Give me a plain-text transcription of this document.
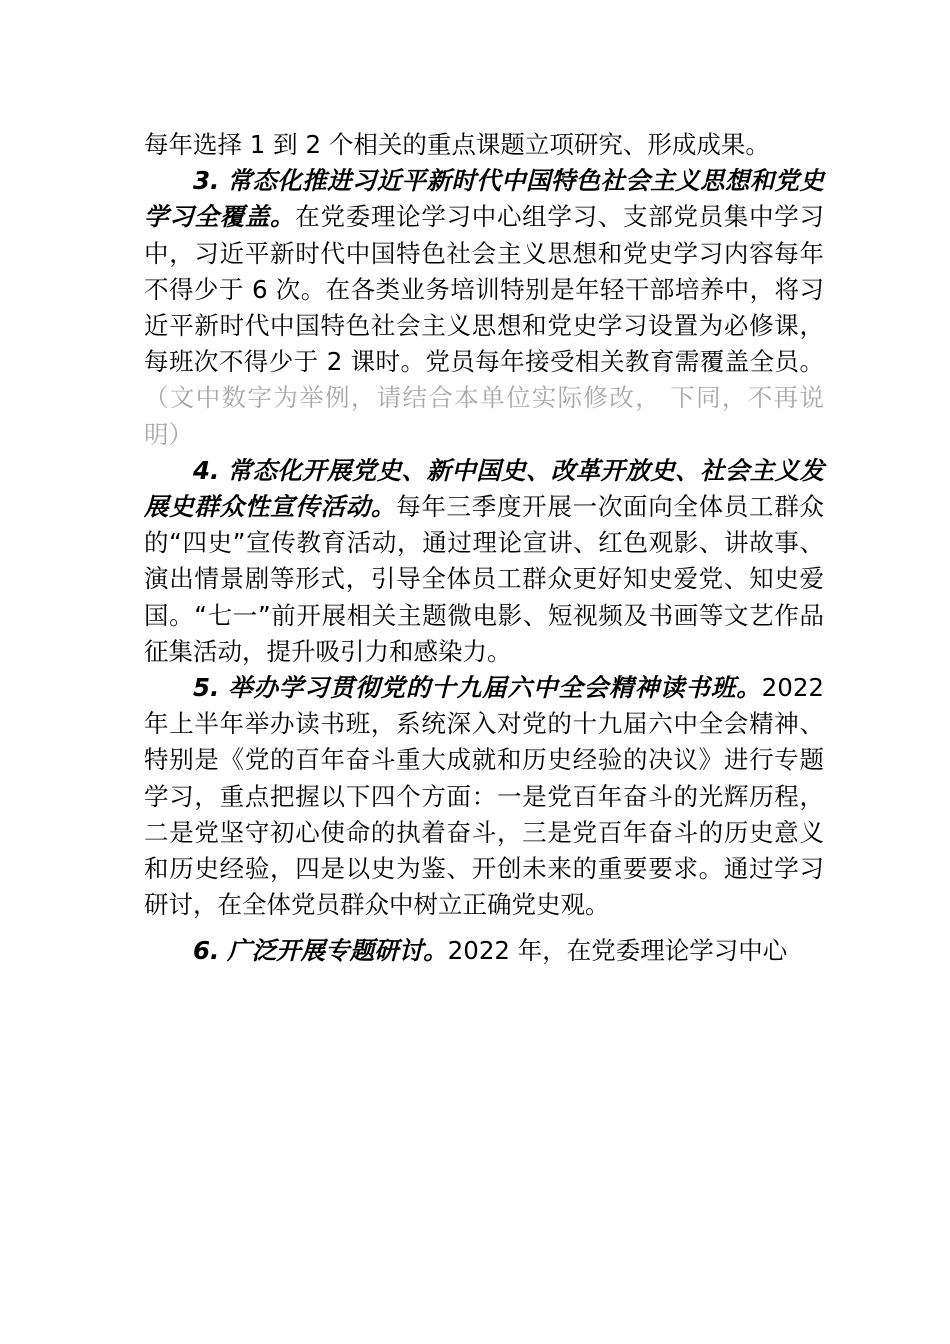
每年选择 1 到 2 个相关的重点课题立项研究、形成成果。

3. 常态化推进习近平新时代中国特色社会主义思想和党史学习全覆盖。在党委理论学习中心组学习、支部党员集中学习中，习近平新时代中国特色社会主义思想和党史学习内容每年不得少于 6 次。在各类业务培训特别是年轻干部培养中，将习近平新时代中国特色社会主义思想和党史学习设置为必修课，每班次不得少于 2 课时。党员每年接受相关教育需覆盖全员。 （文中数字为举例，请结合本单位实际修改， 下同，不再说明）

4. 常态化开展党史、新中国史、改革开放史、社会主义发展史群众性宣传活动。每年三季度开展一次面向全体员工群众的“四史”宣传教育活动，通过理论宣讲、红色观影、讲故事、演出情景剧等形式，引导全体员工群众更好知史爱党、知史爱国。“七一”前开展相关主题微电影、短视频及书画等文艺作品征集活动，提升吸引力和感染力。

5. 举办学习贯彻党的十九届六中全会精神读书班。2022 年上半年举办读书班，系统深入对党的十九届六中全会精神、特别是《党的百年奋斗重大成就和历史经验的决议》进行专题学习，重点把握以下四个方面：一是党百年奋斗的光辉历程，二是党坚守初心使命的执着奋斗，三是党百年奋斗的历史意义和历史经验，四是以史为鉴、开创未来的重要要求。通过学习研讨，在全体党员群众中树立正确党史观。

6. 广泛开展专题研讨。2022 年，在党委理论学习中心
